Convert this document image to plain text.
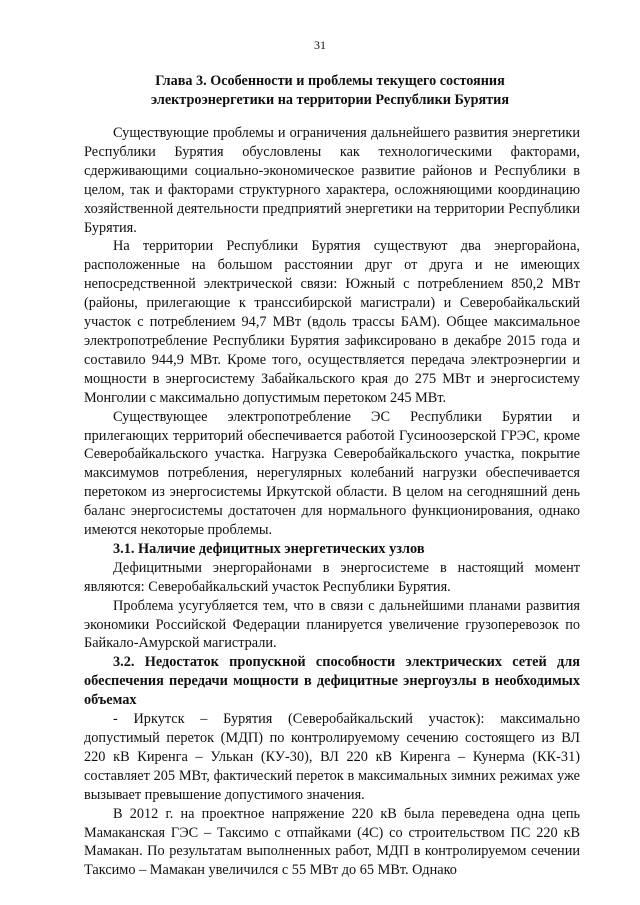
31
Глава 3. Особенности и проблемы текущего состояния электроэнергетики на территории Республики Бурятия

Существующие проблемы и ограничения дальнейшего развития энергетики Республики Бурятия обусловлены как технологическими факторами, сдерживающими социально-экономическое развитие районов и Республики в целом, так и факторами структурного характера, осложняющими координацию хозяйственной деятельности предприятий энергетики на территории Республики Бурятия.

На территории Республики Бурятия существуют два энергорайона, расположенные на большом расстоянии друг от друга и не имеющих непосредственной электрической связи: Южный с потреблением 850,2 МВт (районы, прилегающие к транссибирской магистрали) и Северобайкальский участок с потреблением 94,7 МВт (вдоль трассы БАМ). Общее максимальное электропотребление Республики Бурятия зафиксировано в декабре 2015 года и составило 944,9 МВт. Кроме того, осуществляется передача электроэнергии и мощности в энергосистему Забайкальского края до 275 МВт и энергосистему Монголии с максимально допустимым перетоком 245 МВт.

Существующее электропотребление ЭС Республики Бурятии и прилегающих территорий обеспечивается работой Гусиноозерской ГРЭС, кроме Северобайкальского участка. Нагрузка Северобайкальского участка, покрытие максимумов потребления, нерегулярных колебаний нагрузки обеспечивается перетоком из энергосистемы Иркутской области. В целом на сегодняшний день баланс энергосистемы достаточен для нормального функционирования, однако имеются некоторые проблемы.

3.1. Наличие дефицитных энергетических узлов

Дефицитными энергорайонами в энергосистеме в настоящий момент являются: Северобайкальский участок Республики Бурятия.

Проблема усугубляется тем, что в связи с дальнейшими планами развития экономики Российской Федерации планируется увеличение грузоперевозок по Байкало-Амурской магистрали.

3.2. Недостаток пропускной способности электрических сетей для обеспечения передачи мощности в дефицитные энергоузлы в необходимых объемах

- Иркутск – Бурятия (Северобайкальский участок): максимально допустимый переток (МДП) по контролируемому сечению состоящего из ВЛ 220 кВ Киренга – Улькан (КУ-30), ВЛ 220 кВ Киренга – Кунерма (КК-31) составляет 205 МВт, фактический переток в максимальных зимних режимах уже вызывает превышение допустимого значения.

В 2012 г. на проектное напряжение 220 кВ была переведена одна цепь Мамаканская ГЭС – Таксимо с отпайками (4С) со строительством ПС 220 кВ Мамакан. По результатам выполненных работ, МДП в контролируемом сечении Таксимо – Мамакан увеличился с 55 МВт до 65 МВт. Однако
